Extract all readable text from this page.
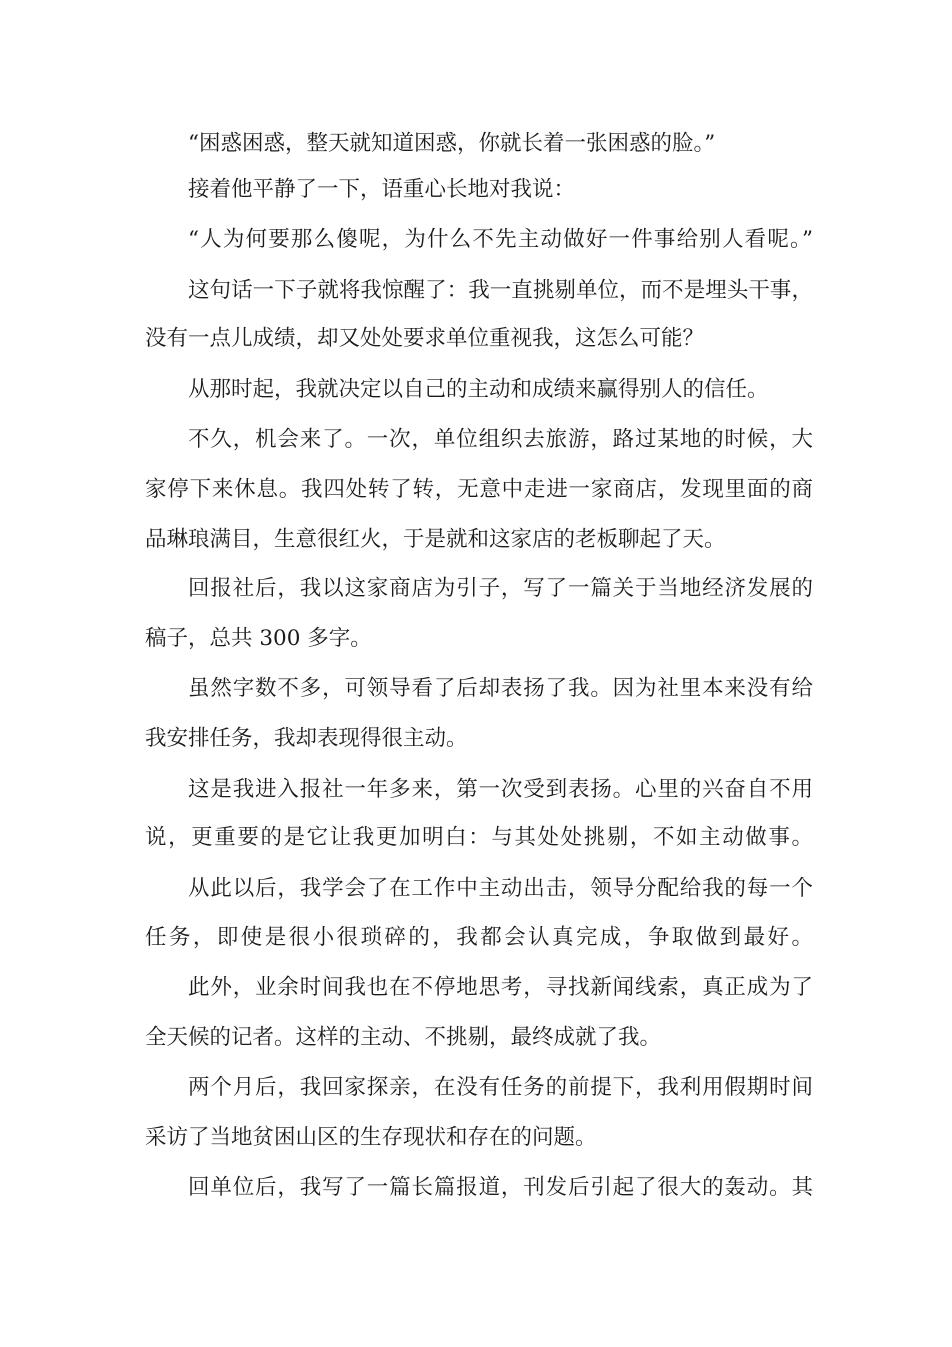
“困惑困惑，整天就知道困惑，你就长着一张困惑的脸。”
接着他平静了一下，语重心长地对我说：
“人为何要那么傻呢，为什么不先主动做好一件事给别人看呢。”
这句话一下子就将我惊醒了：我一直挑剔单位，而不是埋头干事，
没有一点儿成绩，却又处处要求单位重视我，这怎么可能？
从那时起，我就决定以自己的主动和成绩来赢得别人的信任。
不久，机会来了。一次，单位组织去旅游，路过某地的时候，大
家停下来休息。我四处转了转，无意中走进一家商店，发现里面的商
品琳琅满目，生意很红火，于是就和这家店的老板聊起了天。
回报社后，我以这家商店为引子，写了一篇关于当地经济发展的
稿子，总共 300 多字。
虽然字数不多，可领导看了后却表扬了我。因为社里本来没有给
我安排任务，我却表现得很主动。
这是我进入报社一年多来，第一次受到表扬。心里的兴奋自不用
说，更重要的是它让我更加明白：与其处处挑剔，不如主动做事。
从此以后，我学会了在工作中主动出击，领导分配给我的每一个
任务，即使是很小很琐碎的，我都会认真完成，争取做到最好。
此外，业余时间我也在不停地思考，寻找新闻线索，真正成为了
全天候的记者。这样的主动、不挑剔，最终成就了我。
两个月后，我回家探亲，在没有任务的前提下，我利用假期时间
采访了当地贫困山区的生存现状和存在的问题。
回单位后，我写了一篇长篇报道，刊发后引起了很大的轰动。其
